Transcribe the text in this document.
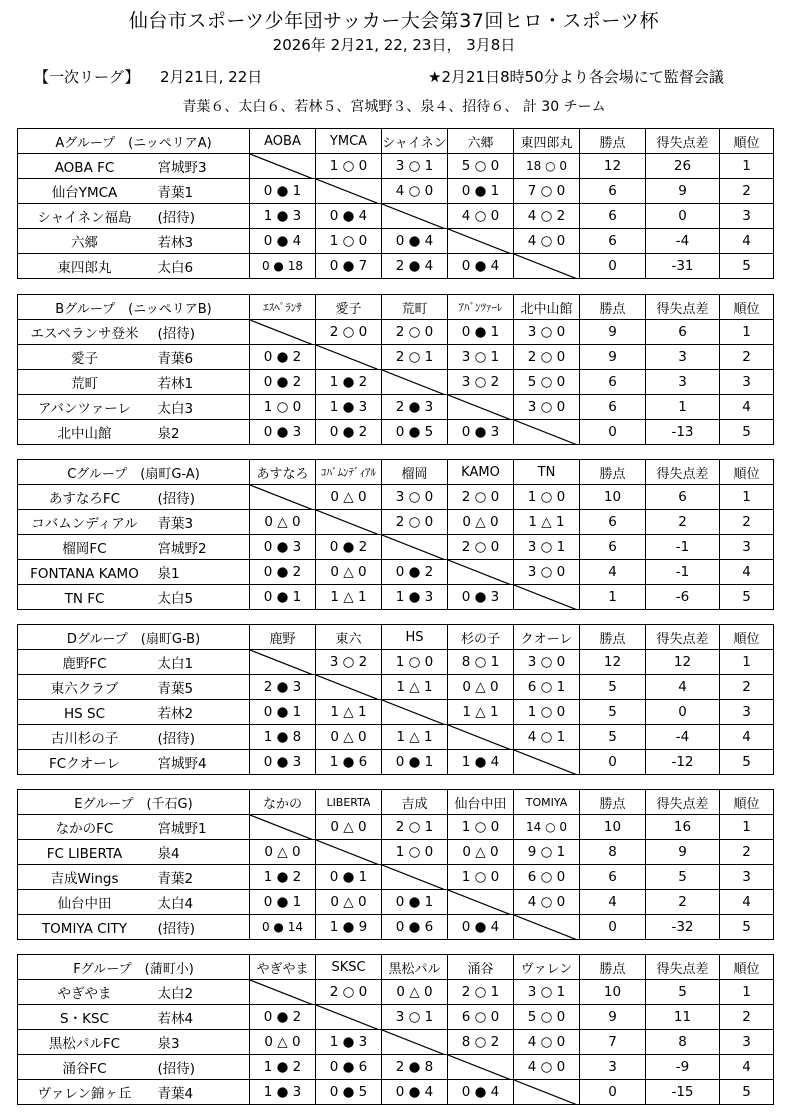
仙台市スポーツ少年団サッカー大会第37回ヒロ・スポーツ杯
2026年 2月21, 22, 23日， 3月8日
【一次リーグ】 2月21日, 22日	★2月21日8時50分より各会場にて監督会議
青葉６、太白６、若林５、宮城野３、泉４、招待６、 計 30 チーム
Aグループ　(ニッペリアA)	AOBA	YMCA	シャイネン	六郷	東四郎丸	勝点	得失点差	順位
AOBA FC 宮城野3		1 ○ 0	3 ○ 1	5 ○ 0	18 ○ 0	12	26	1
仙台YMCA 青葉1	0 ● 1		4 ○ 0	0 ● 1	7 ○ 0	6	9	2
シャイネン福島 (招待)	1 ● 3	0 ● 4		4 ○ 0	4 ○ 2	6	0	3
六郷 若林3	0 ● 4	1 ○ 0	0 ● 4		4 ○ 0	6	-4	4
東四郎丸 太白6	0 ● 18	0 ● 7	2 ● 4	0 ● 4		0	-31	5
Bグループ　(ニッペリアB)	ｴｽﾍﾟﾗﾝｻ	愛子	荒町	ｱﾊﾞﾝﾂｧｰﾚ	北中山館	勝点	得失点差	順位
エスペランサ登米 (招待)		2 ○ 0	2 ○ 0	0 ● 1	3 ○ 0	9	6	1
愛子 青葉6	0 ● 2		2 ○ 1	3 ○ 1	2 ○ 0	9	3	2
荒町 若林1	0 ● 2	1 ● 2		3 ○ 2	5 ○ 0	6	3	3
アバンツァーレ 太白3	1 ○ 0	1 ● 3	2 ● 3		3 ○ 0	6	1	4
北中山館 泉2	0 ● 3	0 ● 2	0 ● 5	0 ● 3		0	-13	5
Cグループ　(扇町G-A)	あすなろ	ｺﾊﾞﾑﾝﾃﾞｨｱﾙ	榴岡	KAMO	TN	勝点	得失点差	順位
あすなろFC (招待)		0 △ 0	3 ○ 0	2 ○ 0	1 ○ 0	10	6	1
コバムンディアル 青葉3	0 △ 0		2 ○ 0	0 △ 0	1 △ 1	6	2	2
榴岡FC 宮城野2	0 ● 3	0 ● 2		2 ○ 0	3 ○ 1	6	-1	3
FONTANA KAMO 泉1	0 ● 2	0 △ 0	0 ● 2		3 ○ 0	4	-1	4
TN FC 太白5	0 ● 1	1 △ 1	1 ● 3	0 ● 3		1	-6	5
Dグループ　(扇町G-B)	鹿野	東六	HS	杉の子	クオーレ	勝点	得失点差	順位
鹿野FC 太白1		3 ○ 2	1 ○ 0	8 ○ 1	3 ○ 0	12	12	1
東六クラブ 青葉5	2 ● 3		1 △ 1	0 △ 0	6 ○ 1	5	4	2
HS SC 若林2	0 ● 1	1 △ 1		1 △ 1	1 ○ 0	5	0	3
古川杉の子 (招待)	1 ● 8	0 △ 0	1 △ 1		4 ○ 1	5	-4	4
FCクオーレ 宮城野4	0 ● 3	1 ● 6	0 ● 1	1 ● 4		0	-12	5
Eグループ　(千石G)	なかの	LIBERTA	吉成	仙台中田	TOMIYA	勝点	得失点差	順位
なかのFC 宮城野1		0 △ 0	2 ○ 1	1 ○ 0	14 ○ 0	10	16	1
FC LIBERTA 泉4	0 △ 0		1 ○ 0	0 △ 0	9 ○ 1	8	9	2
吉成Wings 青葉2	1 ● 2	0 ● 1		1 ○ 0	6 ○ 0	6	5	3
仙台中田 太白4	0 ● 1	0 △ 0	0 ● 1		4 ○ 0	4	2	4
TOMIYA CITY (招待)	0 ● 14	1 ● 9	0 ● 6	0 ● 4		0	-32	5
Fグループ　(蒲町小)	やぎやま	SKSC	黒松パル	涌谷	ヴァレン	勝点	得失点差	順位
やぎやま 太白2		2 ○ 0	0 △ 0	2 ○ 1	3 ○ 1	10	5	1
S・KSC 若林4	0 ● 2		3 ○ 1	6 ○ 0	5 ○ 0	9	11	2
黒松パルFC 泉3	0 △ 0	1 ● 3		8 ○ 2	4 ○ 0	7	8	3
涌谷FC (招待)	1 ● 2	0 ● 6	2 ● 8		4 ○ 0	3	-9	4
ヴァレン錦ヶ丘 青葉4	1 ● 3	0 ● 5	0 ● 4	0 ● 4		0	-15	5
